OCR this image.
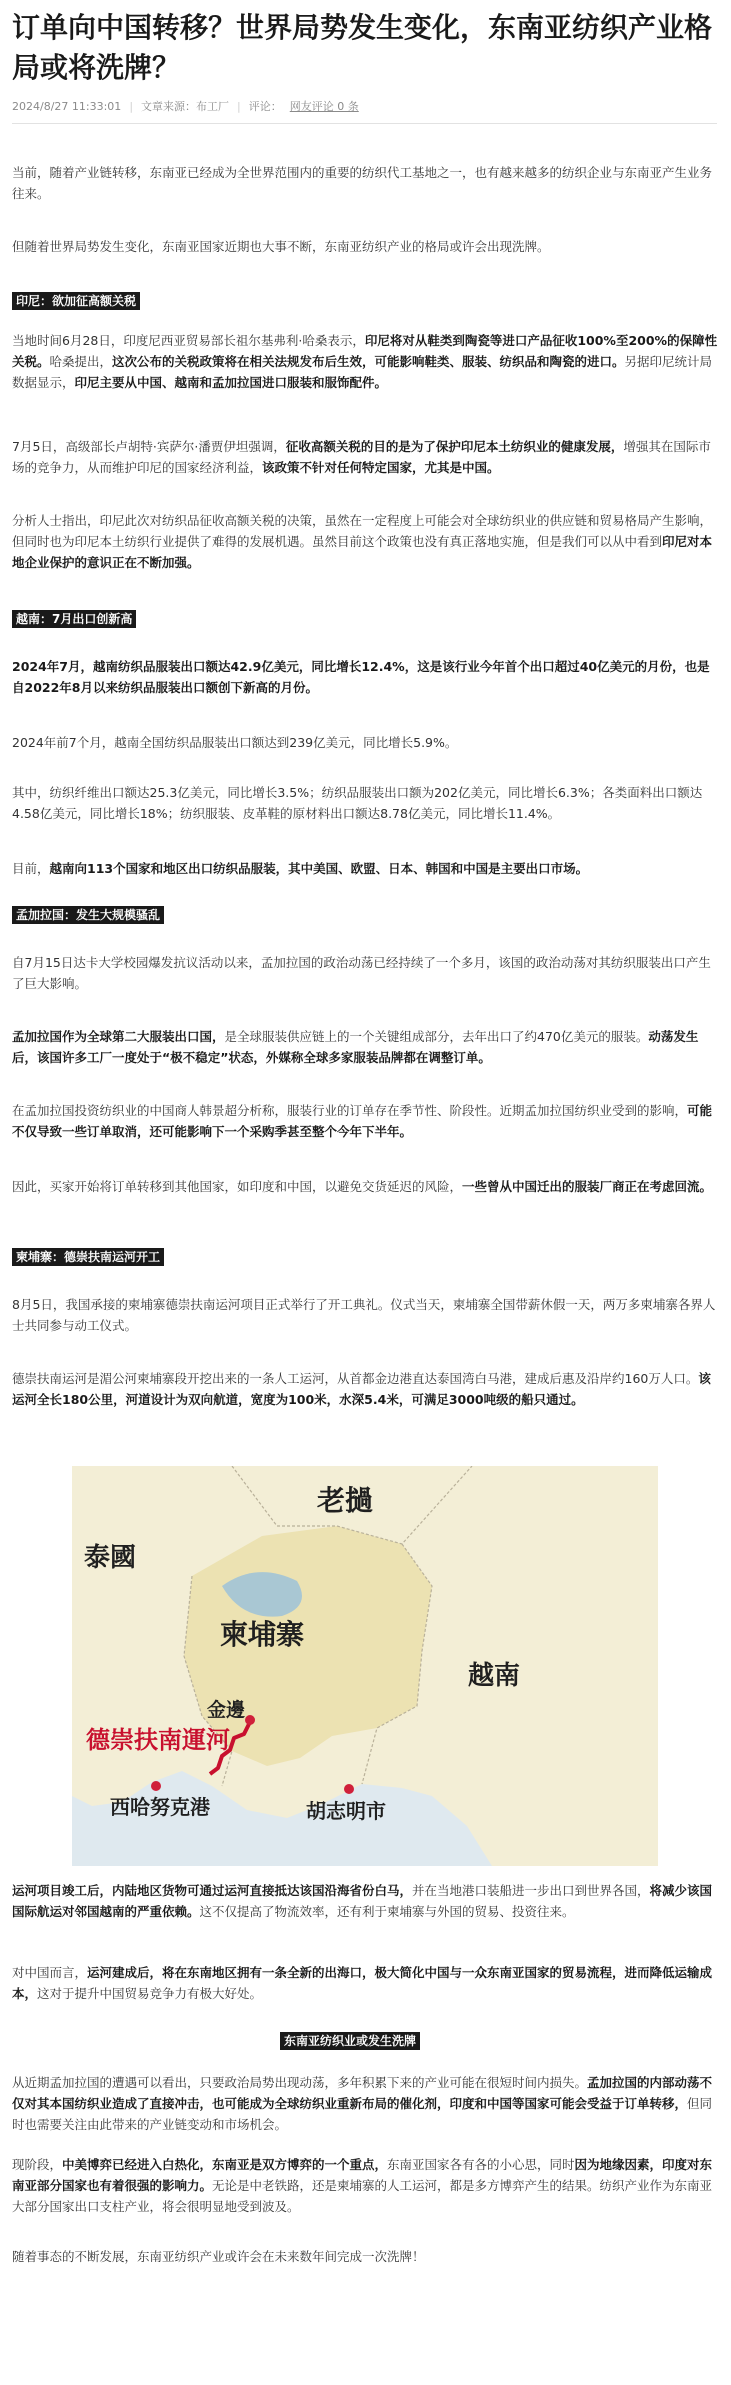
订单向中国转移？世界局势发生变化，东南亚纺织产业格局或将洗牌？
2024/8/27 11:33:01 | 文章来源：布工厂 | 评论： 网友评论 0 条

当前，随着产业链转移，东南亚已经成为全世界范围内的重要的纺织代工基地之一，也有越来越多的纺织企业与东南亚产生业务往来。

但随着世界局势发生变化，东南亚国家近期也大事不断，东南亚纺织产业的格局或许会出现洗牌。

印尼：欲加征高额关税

当地时间6月28日，印度尼西亚贸易部长祖尔基弗利·哈桑表示，印尼将对从鞋类到陶瓷等进口产品征收100%至200%的保障性关税。哈桑提出，这次公布的关税政策将在相关法规发布后生效，可能影响鞋类、服装、纺织品和陶瓷的进口。另据印尼统计局数据显示，印尼主要从中国、越南和孟加拉国进口服装和服饰配件。

7月5日，高级部长卢胡特·宾萨尔·潘贾伊坦强调，征收高额关税的目的是为了保护印尼本土纺织业的健康发展，增强其在国际市场的竞争力，从而维护印尼的国家经济利益，该政策不针对任何特定国家，尤其是中国。

分析人士指出，印尼此次对纺织品征收高额关税的决策，虽然在一定程度上可能会对全球纺织业的供应链和贸易格局产生影响，但同时也为印尼本土纺织行业提供了难得的发展机遇。虽然目前这个政策也没有真正落地实施，但是我们可以从中看到印尼对本地企业保护的意识正在不断加强。

越南：7月出口创新高

2024年7月，越南纺织品服装出口额达42.9亿美元，同比增长12.4%，这是该行业今年首个出口超过40亿美元的月份，也是自2022年8月以来纺织品服装出口额创下新高的月份。

2024年前7个月，越南全国纺织品服装出口额达到239亿美元，同比增长5.9%。

其中，纺织纤维出口额达25.3亿美元，同比增长3.5%；纺织品服装出口额为202亿美元，同比增长6.3%；各类面料出口额达4.58亿美元，同比增长18%；纺织服装、皮革鞋的原材料出口额达8.78亿美元，同比增长11.4%。

目前，越南向113个国家和地区出口纺织品服装，其中美国、欧盟、日本、韩国和中国是主要出口市场。

孟加拉国：发生大规模骚乱

自7月15日达卡大学校园爆发抗议活动以来，孟加拉国的政治动荡已经持续了一个多月，该国的政治动荡对其纺织服装出口产生了巨大影响。

孟加拉国作为全球第二大服装出口国，是全球服装供应链上的一个关键组成部分，去年出口了约470亿美元的服装。动荡发生后，该国许多工厂一度处于“极不稳定”状态，外媒称全球多家服装品牌都在调整订单。

在孟加拉国投资纺织业的中国商人韩景超分析称，服装行业的订单存在季节性、阶段性。近期孟加拉国纺织业受到的影响，可能不仅导致一些订单取消，还可能影响下一个采购季甚至整个今年下半年。

因此，买家开始将订单转移到其他国家，如印度和中国，以避免交货延迟的风险，一些曾从中国迁出的服装厂商正在考虑回流。

柬埔寨：德崇扶南运河开工

8月5日，我国承接的柬埔寨德崇扶南运河项目正式举行了开工典礼。仪式当天，柬埔寨全国带薪休假一天，两万多柬埔寨各界人士共同参与动工仪式。

德崇扶南运河是湄公河柬埔寨段开挖出来的一条人工运河，从首都金边港直达泰国湾白马港，建成后惠及沿岸约160万人口。该运河全长180公里，河道设计为双向航道，宽度为100米，水深5.4米，可满足3000吨级的船只通过。

老撾
泰國
柬埔寨
越南
金邊
德崇扶南運河
西哈努克港	胡志明市

运河项目竣工后，内陆地区货物可通过运河直接抵达该国沿海省份白马，并在当地港口装船进一步出口到世界各国，将减少该国国际航运对邻国越南的严重依赖。这不仅提高了物流效率，还有利于柬埔寨与外国的贸易、投资往来。

对中国而言，运河建成后，将在东南地区拥有一条全新的出海口，极大简化中国与一众东南亚国家的贸易流程，进而降低运输成本，这对于提升中国贸易竞争力有极大好处。

东南亚纺织业或发生洗牌

从近期孟加拉国的遭遇可以看出，只要政治局势出现动荡，多年积累下来的产业可能在很短时间内损失。孟加拉国的内部动荡不仅对其本国纺织业造成了直接冲击，也可能成为全球纺织业重新布局的催化剂，印度和中国等国家可能会受益于订单转移，但同时也需要关注由此带来的产业链变动和市场机会。

现阶段，中美博弈已经进入白热化，东南亚是双方博弈的一个重点，东南亚国家各有各的小心思，同时因为地缘因素，印度对东南亚部分国家也有着很强的影响力。无论是中老铁路，还是柬埔寨的人工运河，都是多方博弈产生的结果。纺织产业作为东南亚大部分国家出口支柱产业，将会很明显地受到波及。

随着事态的不断发展，东南亚纺织产业或许会在未来数年间完成一次洗牌！
